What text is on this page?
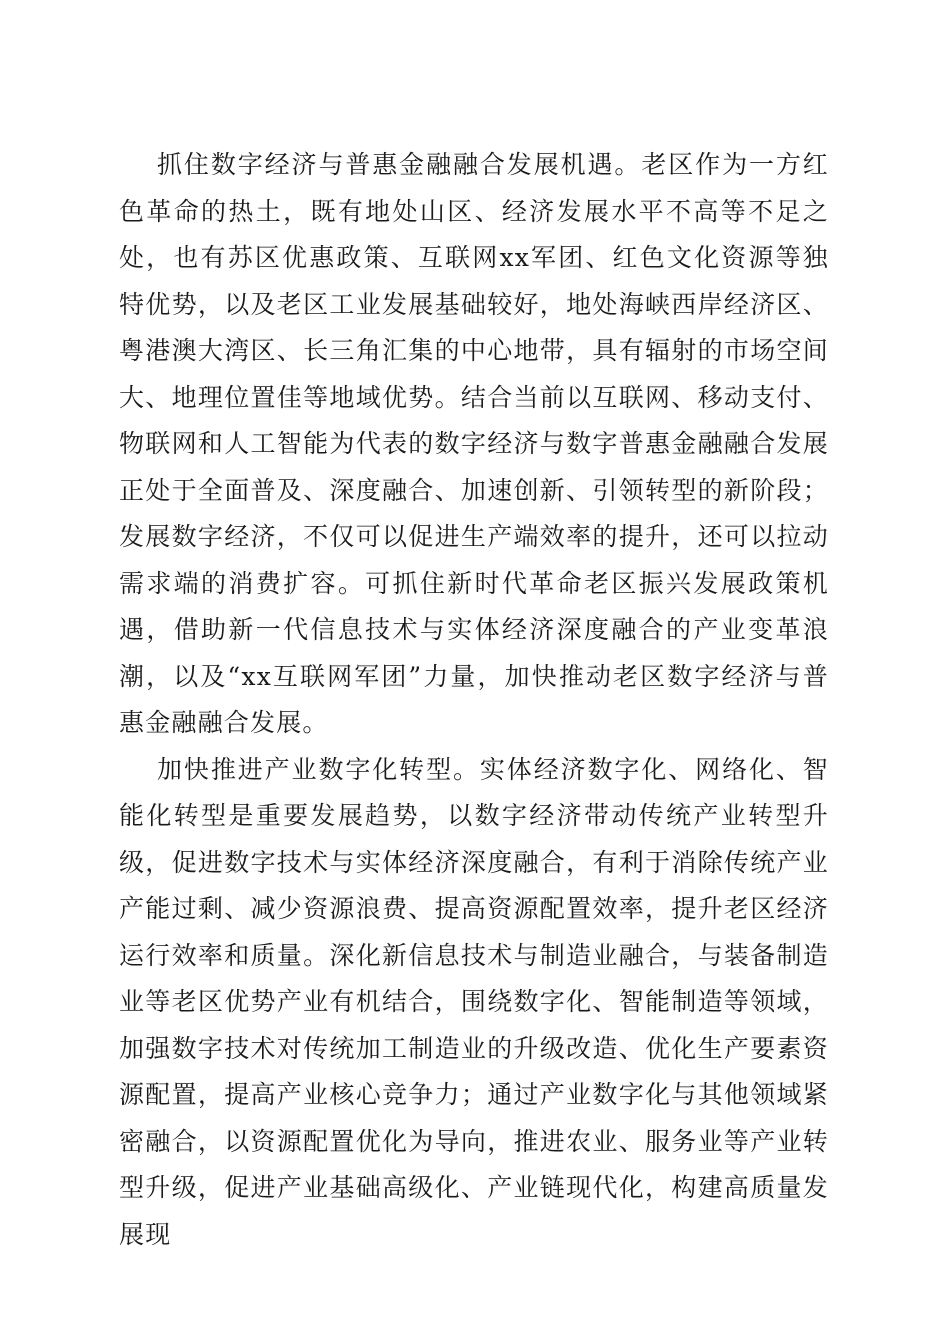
抓住数字经济与普惠金融融合发展机遇。老区作为一方红色革命的热土，既有地处山区、经济发展水平不高等不足之处，也有苏区优惠政策、互联网xx军团、红色文化资源等独特优势，以及老区工业发展基础较好，地处海峡西岸经济区、粤港澳大湾区、长三角汇集的中心地带，具有辐射的市场空间大、地理位置佳等地域优势。结合当前以互联网、移动支付、物联网和人工智能为代表的数字经济与数字普惠金融融合发展正处于全面普及、深度融合、加速创新、引领转型的新阶段；发展数字经济，不仅可以促进生产端效率的提升，还可以拉动需求端的消费扩容。可抓住新时代革命老区振兴发展政策机遇，借助新一代信息技术与实体经济深度融合的产业变革浪潮，以及“xx互联网军团”力量，加快推动老区数字经济与普惠金融融合发展。

加快推进产业数字化转型。实体经济数字化、网络化、智能化转型是重要发展趋势，以数字经济带动传统产业转型升级，促进数字技术与实体经济深度融合，有利于消除传统产业产能过剩、减少资源浪费、提高资源配置效率，提升老区经济运行效率和质量。深化新信息技术与制造业融合，与装备制造业等老区优势产业有机结合，围绕数字化、智能制造等领域，加强数字技术对传统加工制造业的升级改造、优化生产要素资源配置，提高产业核心竞争力；通过产业数字化与其他领域紧密融合，以资源配置优化为导向，推进农业、服务业等产业转型升级，促进产业基础高级化、产业链现代化，构建高质量发展现
